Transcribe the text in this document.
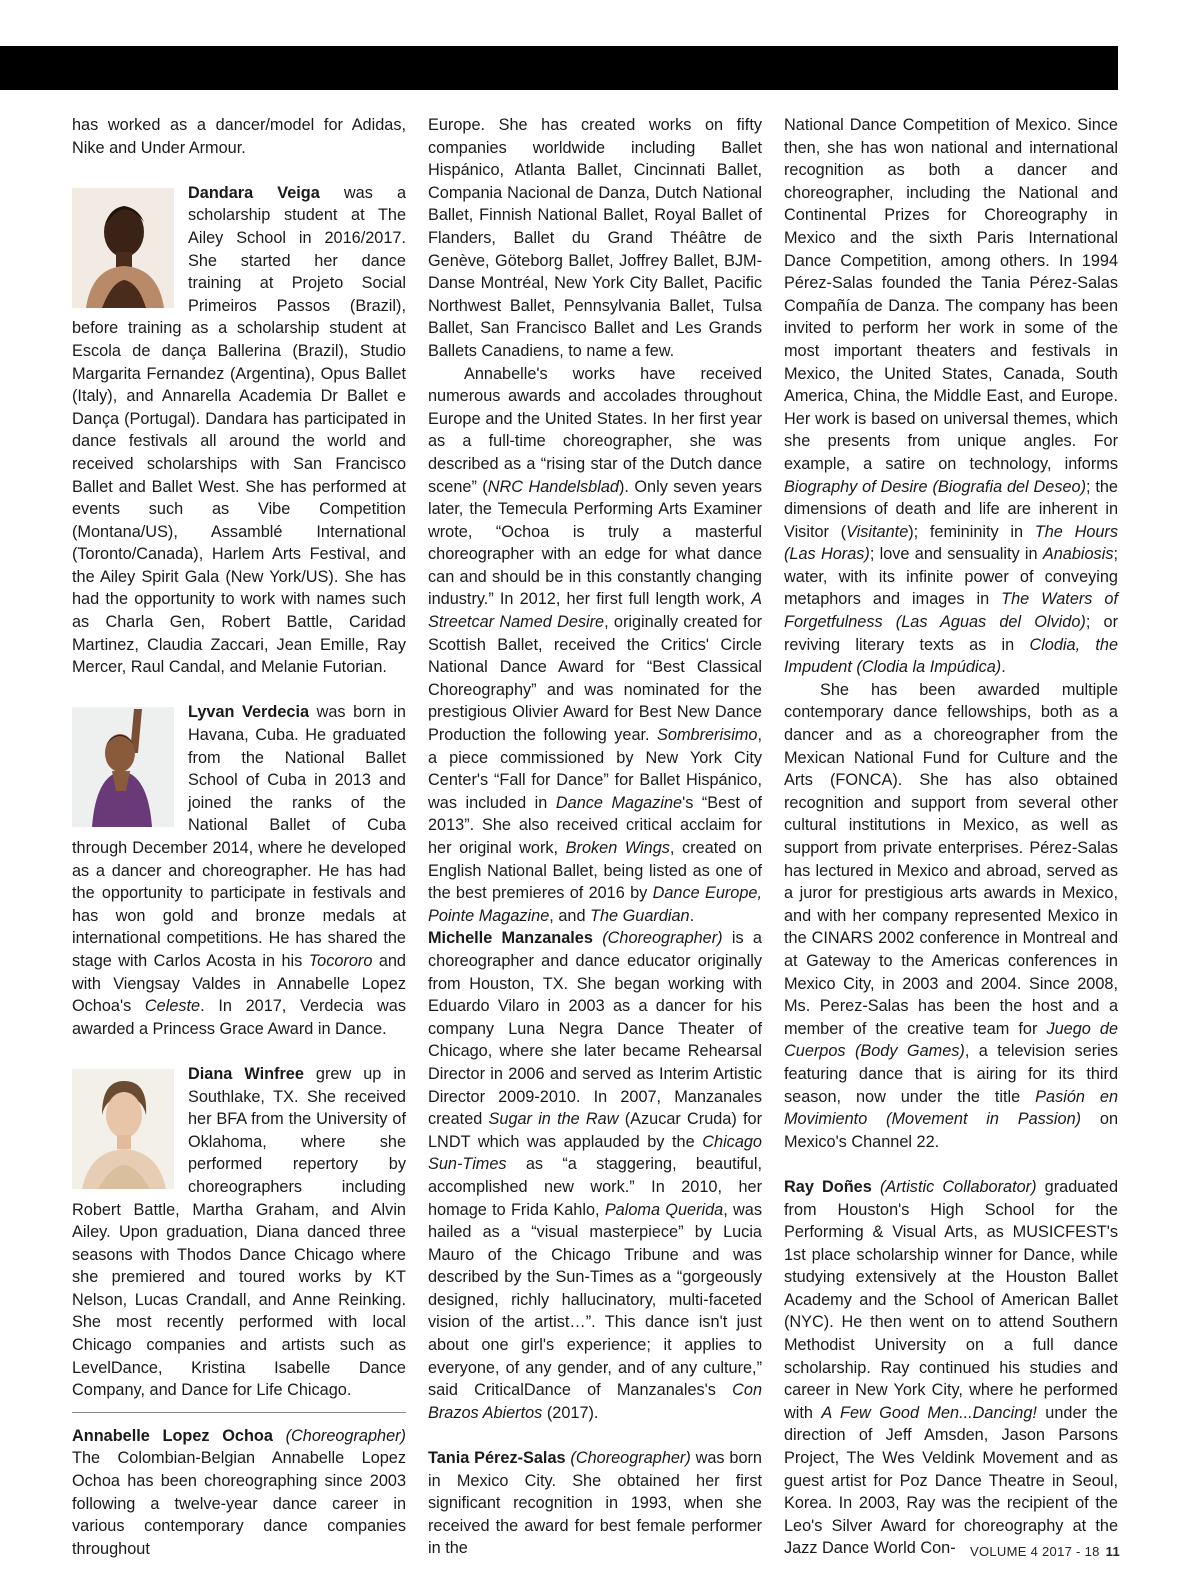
has worked as a dancer/model for Adidas, Nike and Under Armour.

Dandara Veiga was a scholarship student at The Ailey School in 2016/2017. She started her dance training at Projeto Social Primeiros Passos (Brazil), before training as a scholarship student at Escola de dança Ballerina (Brazil), Studio Margarita Fernandez (Argentina), Opus Ballet (Italy), and Annarella Academia Dr Ballet e Dança (Portugal). Dandara has participated in dance festivals all around the world and received scholarships with San Francisco Ballet and Ballet West. She has performed at events such as Vibe Competition (Montana/US), Assamblé International (Toronto/Canada), Harlem Arts Festival, and the Ailey Spirit Gala (New York/US). She has had the opportunity to work with names such as Charla Gen, Robert Battle, Caridad Martinez, Claudia Zaccari, Jean Emille, Ray Mercer, Raul Candal, and Melanie Futorian.

Lyvan Verdecia was born in Havana, Cuba. He graduated from the National Ballet School of Cuba in 2013 and joined the ranks of the National Ballet of Cuba through December 2014, where he developed as a dancer and choreographer. He has had the opportunity to participate in festivals and has won gold and bronze medals at international competitions. He has shared the stage with Carlos Acosta in his Tocororo and with Viengsay Valdes in Annabelle Lopez Ochoa's Celeste. In 2017, Verdecia was awarded a Princess Grace Award in Dance.

Diana Winfree grew up in Southlake, TX. She received her BFA from the University of Oklahoma, where she performed repertory by choreographers including Robert Battle, Martha Graham, and Alvin Ailey. Upon graduation, Diana danced three seasons with Thodos Dance Chicago where she premiered and toured works by KT Nelson, Lucas Crandall, and Anne Reinking. She most recently performed with local Chicago companies and artists such as LevelDance, Kristina Isabelle Dance Company, and Dance for Life Chicago.

Annabelle Lopez Ochoa (Choreographer) The Colombian-Belgian Annabelle Lopez Ochoa has been choreographing since 2003 following a twelve-year dance career in various contemporary dance companies throughout

Europe. She has created works on fifty companies worldwide including Ballet Hispánico, Atlanta Ballet, Cincinnati Ballet, Compania Nacional de Danza, Dutch National Ballet, Finnish National Ballet, Royal Ballet of Flanders, Ballet du Grand Théâtre de Genève, Göteborg Ballet, Joffrey Ballet, BJM-Danse Montréal, New York City Ballet, Pacific Northwest Ballet, Pennsylvania Ballet, Tulsa Ballet, San Francisco Ballet and Les Grands Ballets Canadiens, to name a few.

Annabelle's works have received numerous awards and accolades throughout Europe and the United States. In her first year as a full-time choreographer, she was described as a “rising star of the Dutch dance scene” (NRC Handelsblad). Only seven years later, the Temecula Performing Arts Examiner wrote, “Ochoa is truly a masterful choreographer with an edge for what dance can and should be in this constantly changing industry.” In 2012, her first full length work, A Streetcar Named Desire, originally created for Scottish Ballet, received the Critics' Circle National Dance Award for “Best Classical Choreography” and was nominated for the prestigious Olivier Award for Best New Dance Production the following year. Sombrerisimo, a piece commissioned by New York City Center's “Fall for Dance” for Ballet Hispánico, was included in Dance Magazine's “Best of 2013”. She also received critical acclaim for her original work, Broken Wings, created on English National Ballet, being listed as one of the best premieres of 2016 by Dance Europe, Pointe Magazine, and The Guardian.

Michelle Manzanales (Choreographer) is a choreographer and dance educator originally from Houston, TX. She began working with Eduardo Vilaro in 2003 as a dancer for his company Luna Negra Dance Theater of Chicago, where she later became Rehearsal Director in 2006 and served as Interim Artistic Director 2009-2010. In 2007, Manzanales created Sugar in the Raw (Azucar Cruda) for LNDT which was applauded by the Chicago Sun-Times as “a staggering, beautiful, accomplished new work.” In 2010, her homage to Frida Kahlo, Paloma Querida, was hailed as a “visual masterpiece” by Lucia Mauro of the Chicago Tribune and was described by the Sun-Times as a “gorgeously designed, richly hallucinatory, multi-faceted vision of the artist…”. This dance isn't just about one girl's experience; it applies to everyone, of any gender, and of any culture,” said CriticalDance of Manzanales's Con Brazos Abiertos (2017).

Tania Pérez-Salas (Choreographer) was born in Mexico City. She obtained her first significant recognition in 1993, when she received the award for best female performer in the

National Dance Competition of Mexico. Since then, she has won national and international recognition as both a dancer and choreographer, including the National and Continental Prizes for Choreography in Mexico and the sixth Paris International Dance Competition, among others. In 1994 Pérez-Salas founded the Tania Pérez-Salas Compañía de Danza. The company has been invited to perform her work in some of the most important theaters and festivals in Mexico, the United States, Canada, South America, China, the Middle East, and Europe. Her work is based on universal themes, which she presents from unique angles. For example, a satire on technology, informs Biography of Desire (Biografia del Deseo); the dimensions of death and life are inherent in Visitor (Visitante); femininity in The Hours (Las Horas); love and sensuality in Anabiosis; water, with its infinite power of conveying metaphors and images in The Waters of Forgetfulness (Las Aguas del Olvido); or reviving literary texts as in Clodia, the Impudent (Clodia la Impúdica).

She has been awarded multiple contemporary dance fellowships, both as a dancer and as a choreographer from the Mexican National Fund for Culture and the Arts (FONCA). She has also obtained recognition and support from several other cultural institutions in Mexico, as well as support from private enterprises. Pérez-Salas has lectured in Mexico and abroad, served as a juror for prestigious arts awards in Mexico, and with her company represented Mexico in the CINARS 2002 conference in Montreal and at Gateway to the Americas conferences in Mexico City, in 2003 and 2004. Since 2008, Ms. Perez-Salas has been the host and a member of the creative team for Juego de Cuerpos (Body Games), a television series featuring dance that is airing for its third season, now under the title Pasión en Movimiento (Movement in Passion) on Mexico's Channel 22.

Ray Doñes (Artistic Collaborator) graduated from Houston's High School for the Performing & Visual Arts, as MUSICFEST's 1st place scholarship winner for Dance, while studying extensively at the Houston Ballet Academy and the School of American Ballet (NYC). He then went on to attend Southern Methodist University on a full dance scholarship. Ray continued his studies and career in New York City, where he performed with A Few Good Men...Dancing! under the direction of Jeff Amsden, Jason Parsons Project, The Wes Veldink Movement and as guest artist for Poz Dance Theatre in Seoul, Korea. In 2003, Ray was the recipient of the Leo's Silver Award for choreography at the Jazz Dance World Con-	VOLUME 4 2017 - 18 11
